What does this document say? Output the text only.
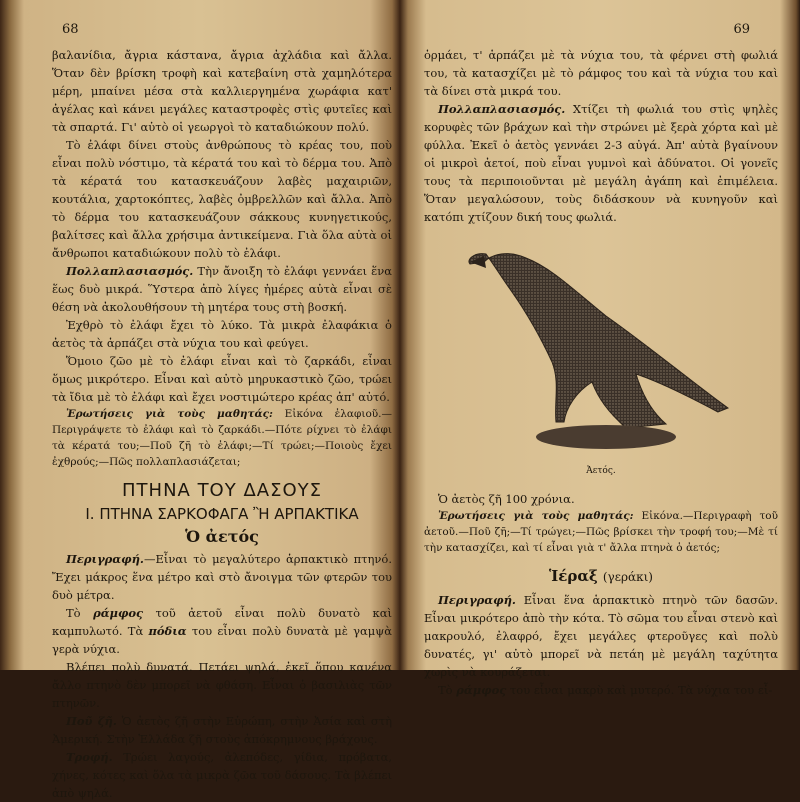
68

βαλανίδια, ἄγρια κάστανα, ἄγρια ἀχλάδια καὶ ἄλλα. Ὅταν δὲν βρίσκη τροφὴ καὶ κατεβαίνη στὰ χαμηλότερα μέρη, μπαίνει μέσα στὰ καλλιεργημένα χωράφια κατ' ἀγέλας καὶ κάνει μεγάλες καταστροφὲς στὶς φυτεῖες καὶ τὰ σπαρτά. Γι' αὐτὸ οἱ γεωργοὶ τὸ καταδιώκουν πολύ.

Τὸ ἐλάφι δίνει στοὺς ἀνθρώπους τὸ κρέας του, ποὺ εἶναι πολὺ νόστιμο, τὰ κέρατά του καὶ τὸ δέρμα του. Ἀπὸ τὰ κέρατά του κατασκευάζουν λαβὲς μαχαιριῶν, κουτάλια, χαρτοκόπτες, λαβὲς ὀμβρελλῶν καὶ ἄλλα. Ἀπὸ τὸ δέρμα του κατασκευάζουν σάκκους κυνηγετικούς, βαλίτσες καὶ ἄλλα χρήσιμα ἀντικείμενα. Γιὰ ὅλα αὐτὰ οἱ ἄνθρωποι καταδιώκουν πολὺ τὸ ἐλάφι.

Πολλαπλασιασμός. Τὴν ἄνοιξη τὸ ἐλάφι γεννάει ἕνα ἕως δυὸ μικρά. Ὕστερα ἀπὸ λίγες ἡμέρες αὐτὰ εἶναι σὲ θέση νὰ ἀκολουθήσουν τὴ μητέρα τους στὴ βοσκή.

Ἐχθρὸ τὸ ἐλάφι ἔχει τὸ λύκο. Τὰ μικρὰ ἐλαφάκια ὁ ἀετὸς τὰ ἁρπάζει στὰ νύχια του καὶ φεύγει.

Ὅμοιο ζῶο μὲ τὸ ἐλάφι εἶναι καὶ τὸ ζαρκάδι, εἶναι ὅμως μικρότερο. Εἶναι καὶ αὐτὸ μηρυκαστικὸ ζῶο, τρώει τὰ ἴδια μὲ τὸ ἐλάφι καὶ ἔχει νοστιμώτερο κρέας ἀπ' αὐτό.

Ἐρωτήσεις γιὰ τοὺς μαθητάς: Εἰκόνα ἐλαφιοῦ.— Περιγράψετε τὸ ἐλάφι καὶ τὸ ζαρκάδι.—Πότε ρίχνει τὸ ἐλάφι τὰ κέρατά του;—Ποῦ ζῆ τὸ ἐλάφι;—Τί τρώει;—Ποιοὺς ἔχει ἐχθρούς;—Πῶς πολλαπλασιάζεται;

ΠΤΗΝΑ ΤΟΥ ΔΑΣΟΥΣ
Ι. ΠΤΗΝΑ ΣΑΡΚΟΦΑΓΑ Ἢ ΑΡΠΑΚΤΙΚΑ
Ὁ ἀετός

Περιγραφή.—Εἶναι τὸ μεγαλύτερο ἁρπακτικὸ πτηνό. Ἔχει μάκρος ἕνα μέτρο καὶ στὸ ἄνοιγμα τῶν φτερῶν του δυὸ μέτρα.

Τὸ ράμφος τοῦ ἀετοῦ εἶναι πολὺ δυνατὸ καὶ καμπυλωτό. Τὰ πόδια του εἶναι πολὺ δυνατὰ μὲ γαμψὰ γερὰ νύχια.

Βλέπει πολὺ δυνατά. Πετάει ψηλά, ἐκεῖ ὅπου κανένα ἄλλο πτηνὸ δὲν μπορεῖ νὰ φθάση. Εἶναι ὁ βασιλιὰς τῶν πτηνῶν.

Ποῦ ζῆ. Ὁ ἀετὸς ζῆ στὴν Εὐρώπη, στὴν Ἀσία καὶ στὴ Ἀμερική. Στὴν Ἑλλάδα ζῆ στοὺς ἀπόκρημνους βράχους.

Τροφή. Τρώει λαγούς, ἀλεπόδες, γίδια, πρόβατα, χήνες, κότες καὶ ὅλα τὰ μικρὰ ζῶα τοῦ δάσους. Τὰ βλέπει ἀπὸ ψηλά.

69

ὁρμάει, τ' ἁρπάζει μὲ τὰ νύχια του, τὰ φέρνει στὴ φωλιά του, τὰ κατασχίζει μὲ τὸ ράμφος του καὶ τὰ νύχια του καὶ τὰ δίνει στὰ μικρά του.

Πολλαπλασιασμός. Χτίζει τὴ φωλιά του στὶς ψηλὲς κορυφὲς τῶν βράχων καὶ τὴν στρώνει μὲ ξερὰ χόρτα καὶ μὲ φύλλα. Ἐκεῖ ὁ ἀετὸς γεννάει 2-3 αὐγά. Ἀπ' αὐτὰ βγαίνουν οἱ μικροὶ ἀετοί, ποὺ εἶναι γυμνοὶ καὶ ἀδύνατοι. Οἱ γονεῖς τους τὰ περιποιοῦνται μὲ μεγάλη ἀγάπη καὶ ἐπιμέλεια. Ὅταν μεγαλώσουν, τοὺς διδάσκουν νὰ κυνηγοῦν καὶ κατόπι χτίζουν δική τους φωλιά.

Ἀετός.

Ὁ ἀετὸς ζῆ 100 χρόνια.

Ἐρωτήσεις γιὰ τοὺς μαθητάς: Εἰκόνα.—Περιγραφὴ τοῦ ἀετοῦ.—Ποῦ ζῆ;—Τί τρώγει;—Πῶς βρίσκει τὴν τροφή του;—Μὲ τί τὴν κατασχίζει, καὶ τί εἶναι γιὰ τ' ἄλλα πτηνὰ ὁ ἀετός;

Ἱέραξ (γεράκι)

Περιγραφή. Εἶναι ἕνα ἁρπακτικὸ πτηνὸ τῶν δασῶν. Εἶναι μικρότερο ἀπὸ τὴν κότα. Τὸ σῶμα του εἶναι στενὸ καὶ μακρουλό, ἐλαφρό, ἔχει μεγάλες φτεροῦγες καὶ πολὺ δυνατές, γι' αὐτὸ μπορεῖ νὰ πετάη μὲ μεγάλη ταχύτητα χωρὶς νὰ κουράζεται.

Τὸ ράμφος του εἶναι μακρὺ καὶ μυτερό. Τὰ νύχια του εἶ-
